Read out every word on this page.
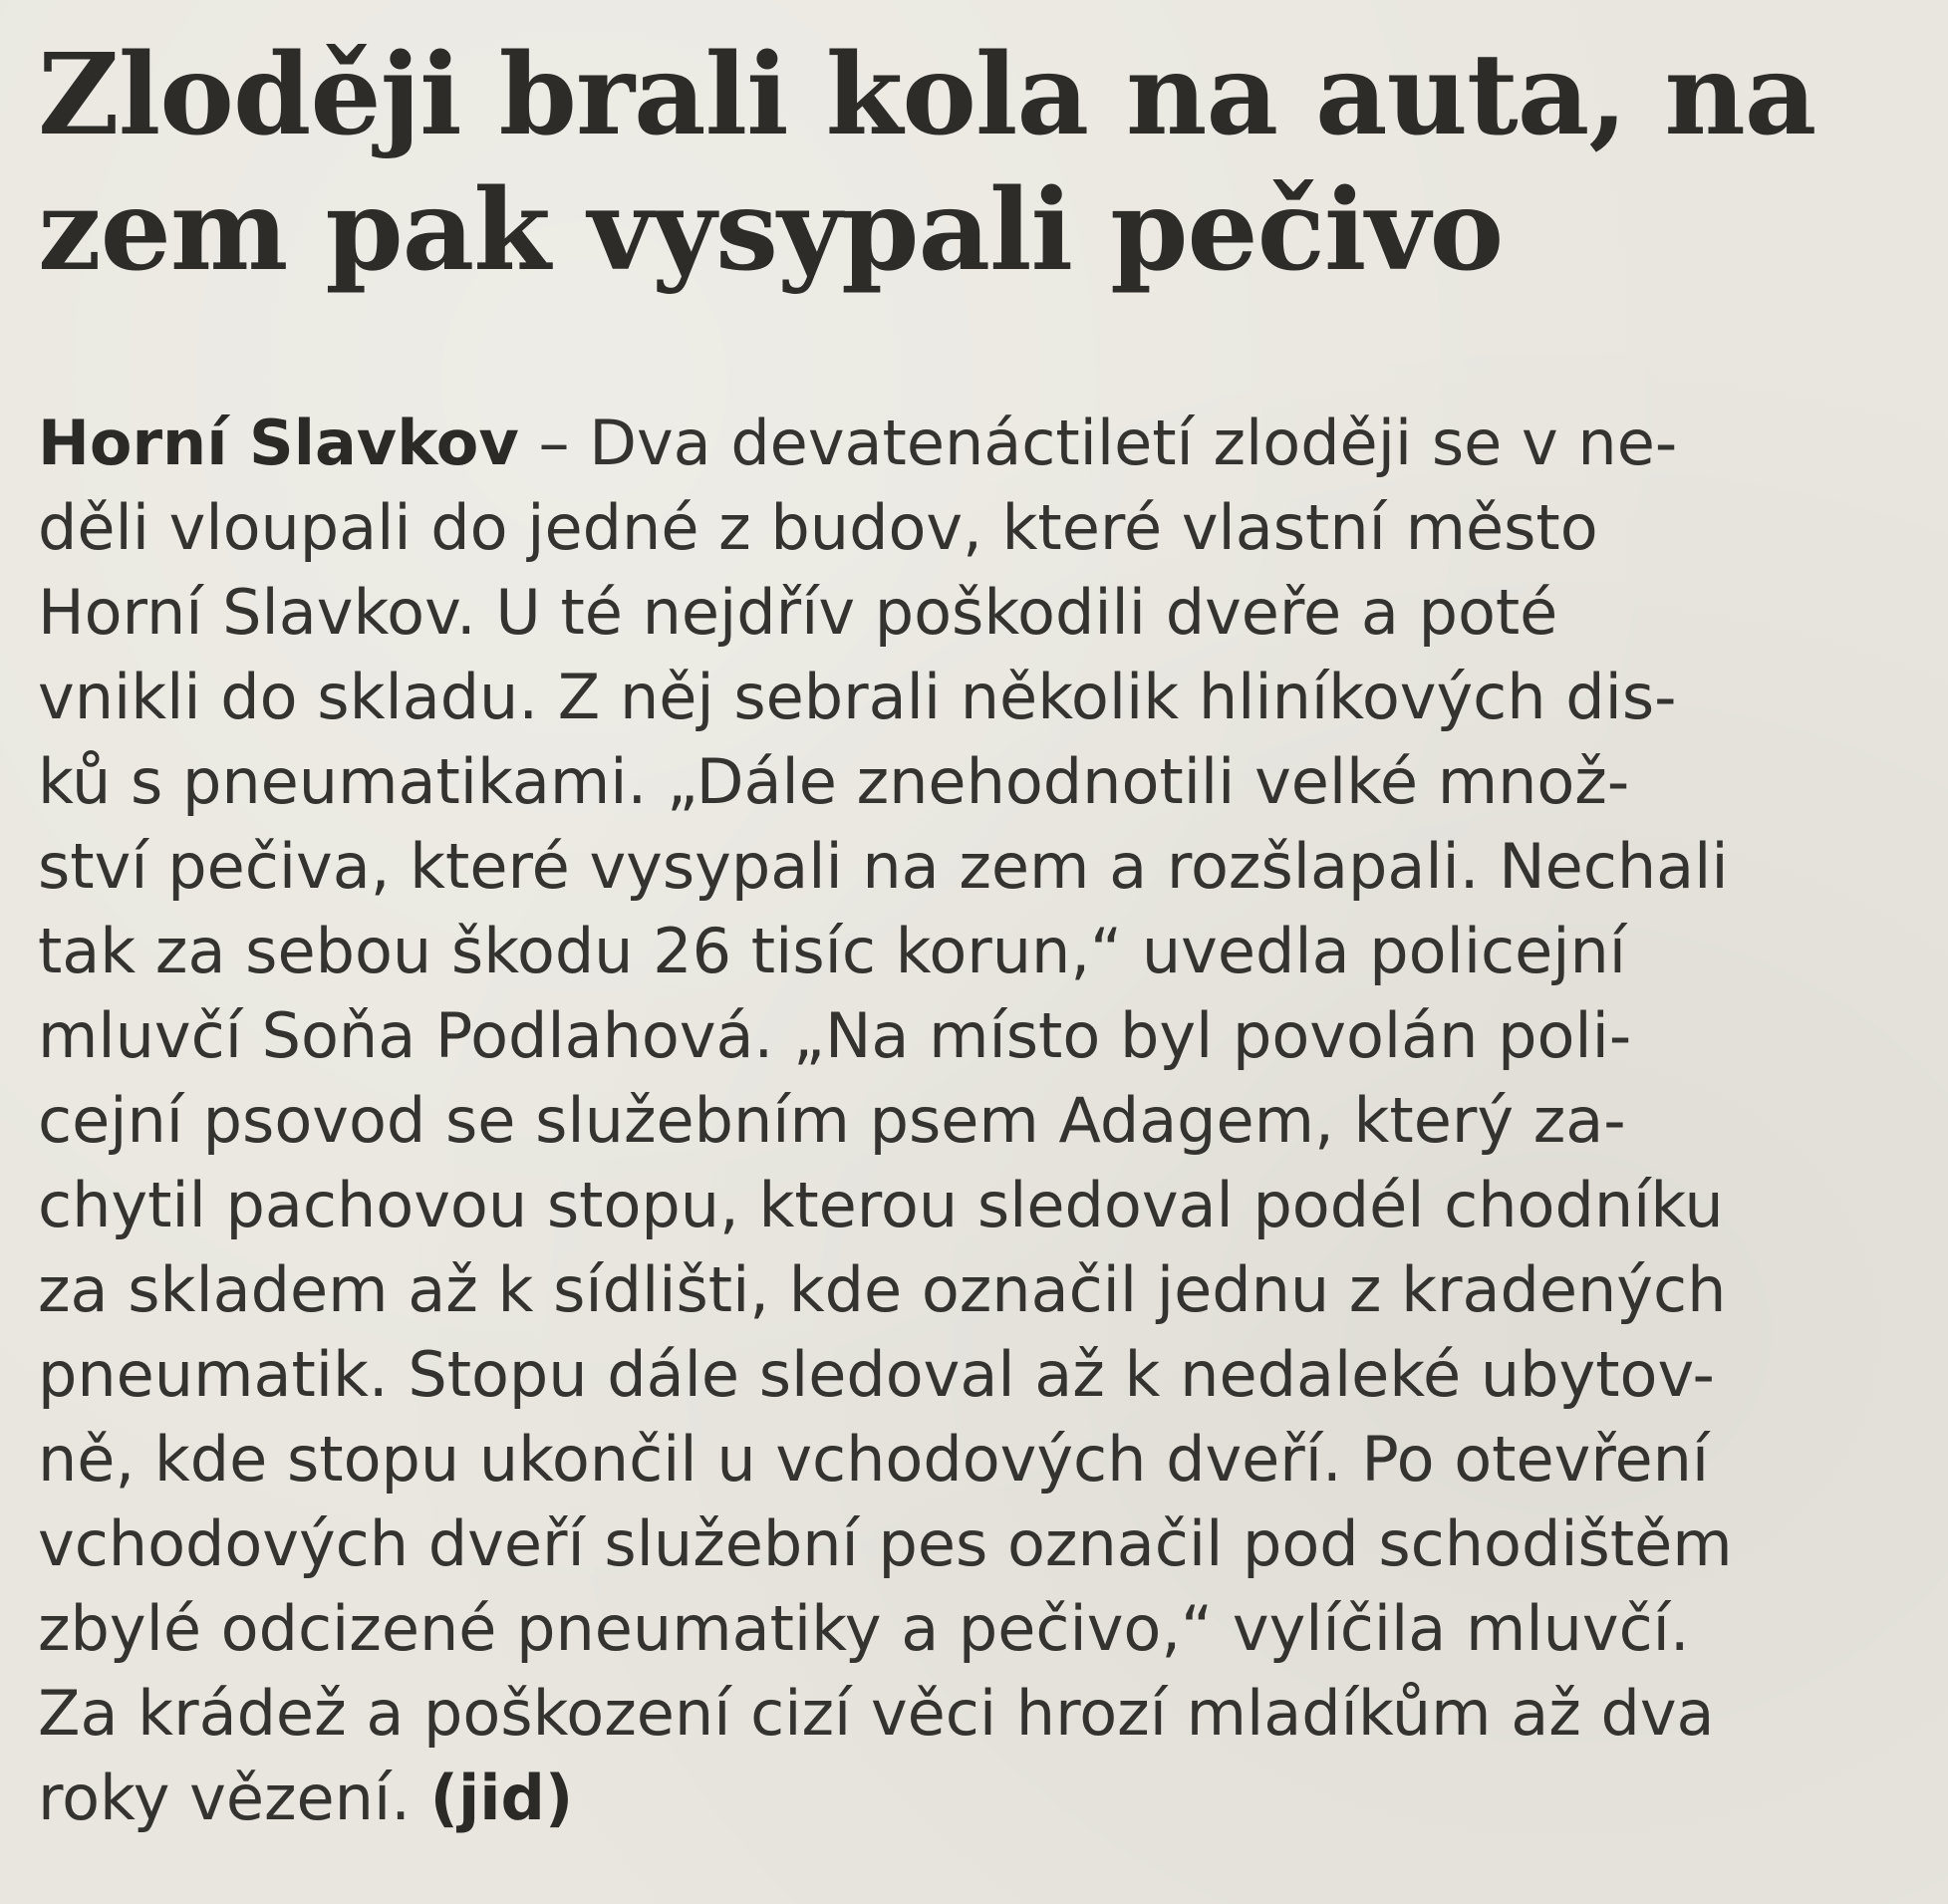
Zloději brali kola na auta, na
zem pak vysypali pečivo
Horní Slavkov – Dva devatenáctiletí zloději se v ne-
děli vloupali do jedné z budov, které vlastní město
Horní Slavkov. U té nejdřív poškodili dveře a poté
vnikli do skladu. Z něj sebrali několik hliníkových dis-
ků s pneumatikami. „Dále znehodnotili velké množ-
ství pečiva, které vysypali na zem a rozšlapali. Nechali
tak za sebou škodu 26 tisíc korun,“ uvedla policejní
mluvčí Soňa Podlahová. „Na místo byl povolán poli-
cejní psovod se služebním psem Adagem, který za-
chytil pachovou stopu, kterou sledoval podél chodníku
za skladem až k sídlišti, kde označil jednu z kradených
pneumatik. Stopu dále sledoval až k nedaleké ubytov-
ně, kde stopu ukončil u vchodových dveří. Po otevření
vchodových dveří služební pes označil pod schodištěm
zbylé odcizené pneumatiky a pečivo,“ vylíčila mluvčí.
Za krádež a poškození cizí věci hrozí mladíkům až dva
roky vězení. (jid)
